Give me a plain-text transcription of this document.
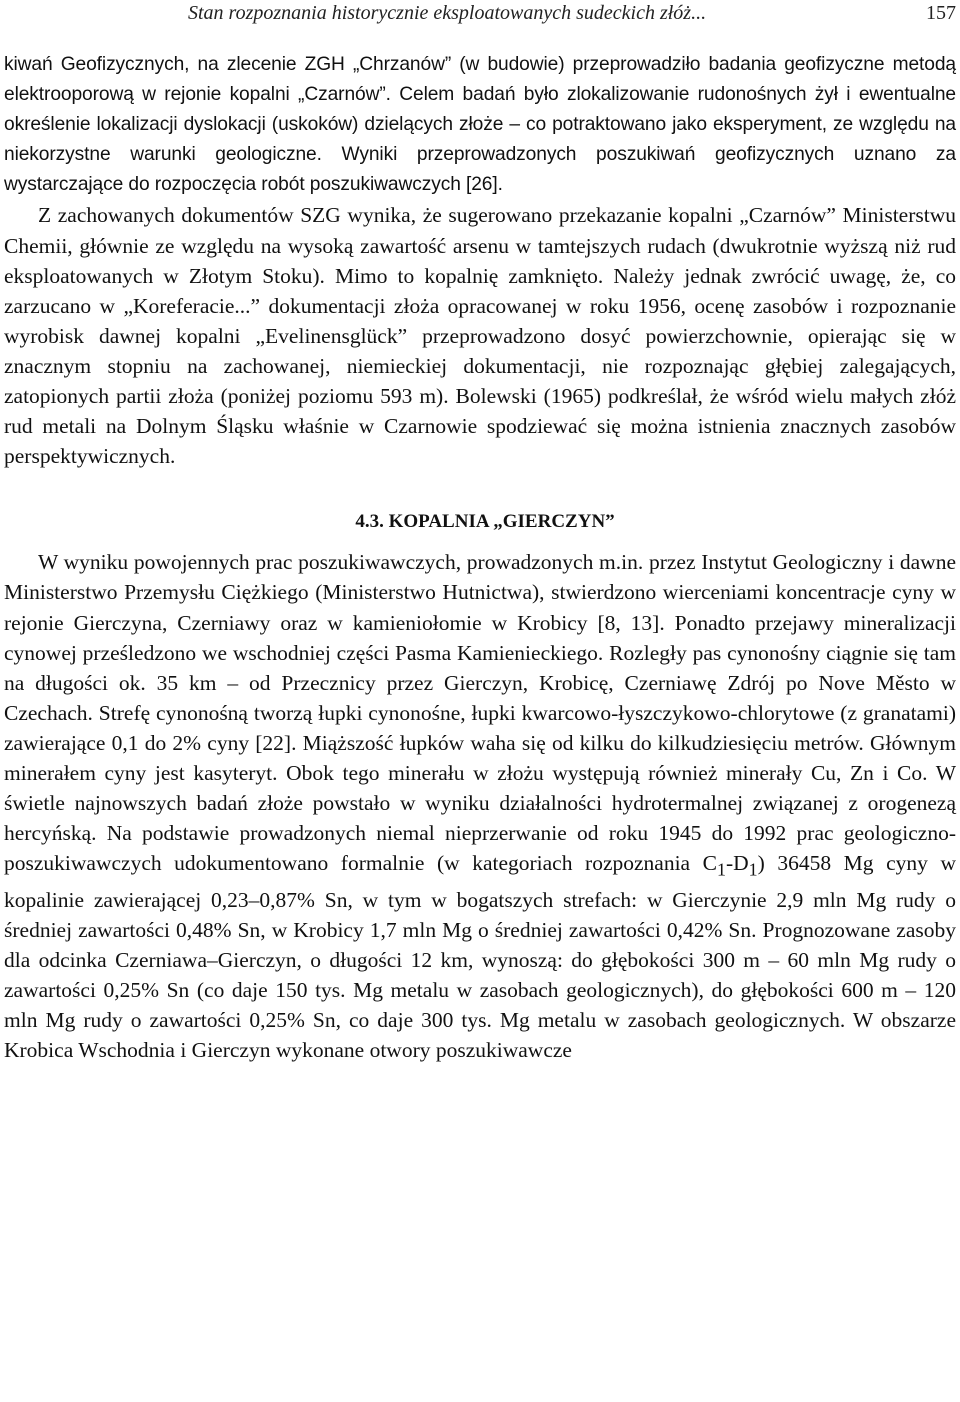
Stan rozpoznania historycznie eksploatowanych sudeckich złóż...	157

kiwań Geofizycznych, na zlecenie ZGH „Chrzanów” (w budowie) przeprowadziło badania geofizyczne metodą elektrooporową w rejonie kopalni „Czarnów”. Celem badań było zlokalizowanie rudonośnych żył i ewentualne określenie lokalizacji dyslokacji (uskoków) dzielących złoże – co potraktowano jako eksperyment, ze względu na niekorzystne warunki geologiczne. Wyniki przeprowadzonych poszukiwań geofizycznych uznano za wystarczające do rozpoczęcia robót poszukiwawczych [26].

Z zachowanych dokumentów SZG wynika, że sugerowano przekazanie kopalni „Czarnów” Ministerstwu Chemii, głównie ze względu na wysoką zawartość arsenu w tamtejszych rudach (dwukrotnie wyższą niż rud eksploatowanych w Złotym Stoku). Mimo to kopalnię zamknięto. Należy jednak zwrócić uwagę, że, co zarzucano w „Koreferacie...” dokumentacji złoża opracowanej w roku 1956, ocenę zasobów i rozpoznanie wyrobisk dawnej kopalni „Evelinensglück” przeprowadzono dosyć powierzchownie, opierając się w znacznym stopniu na zachowanej, niemieckiej dokumentacji, nie rozpoznając głębiej zalegających, zatopionych partii złoża (poniżej poziomu 593 m). Bolewski (1965) podkreślał, że wśród wielu małych złóż rud metali na Dolnym Śląsku właśnie w Czarnowie spodziewać się można istnienia znacznych zasobów perspektywicznych.

4.3. KOPALNIA „GIERCZYN”

W wyniku powojennych prac poszukiwawczych, prowadzonych m.in. przez Instytut Geologiczny i dawne Ministerstwo Przemysłu Ciężkiego (Ministerstwo Hutnictwa), stwierdzono wierceniami koncentracje cyny w rejonie Gierczyna, Czerniawy oraz w kamieniołomie w Krobicy [8, 13]. Ponadto przejawy mineralizacji cynowej prześledzono we wschodniej części Pasma Kamienieckiego. Rozległy pas cynonośny ciągnie się tam na długości ok. 35 km – od Przecznicy przez Gierczyn, Krobicę, Czerniawę Zdrój po Nove Město w Czechach. Strefę cynonośną tworzą łupki cynonośne, łupki kwarcowo-łyszczykowo-chlorytowe (z granatami) zawierające 0,1 do 2% cyny [22]. Miąższość łupków waha się od kilku do kilkudziesięciu metrów. Głównym minerałem cyny jest kasyteryt. Obok tego minerału w złożu występują również minerały Cu, Zn i Co. W świetle najnowszych badań złoże powstało w wyniku działalności hydrotermalnej związanej z orogenezą hercyńską. Na podstawie prowadzonych niemal nieprzerwanie od roku 1945 do 1992 prac geologiczno-poszukiwawczych udokumentowano formalnie (w kategoriach rozpoznania $C_1-D_1$) 36458 Mg cyny w kopalinie zawierającej 0,23–0,87% Sn, w tym w bogatszych strefach: w Gierczynie 2,9 mln Mg rudy o średniej zawartości 0,48% Sn, w Krobicy 1,7 mln Mg o średniej zawartości 0,42% Sn. Prognozowane zasoby dla odcinka Czerniawa–Gierczyn, o długości 12 km, wynoszą: do głębokości 300 m – 60 mln Mg rudy o zawartości 0,25% Sn (co daje 150 tys. Mg metalu w zasobach geologicznych), do głębokości 600 m – 120 mln Mg rudy o zawartości 0,25% Sn, co daje 300 tys. Mg metalu w zasobach geologicznych. W obszarze Krobica Wschodnia i Gierczyn wykonane otwory poszukiwawcze
